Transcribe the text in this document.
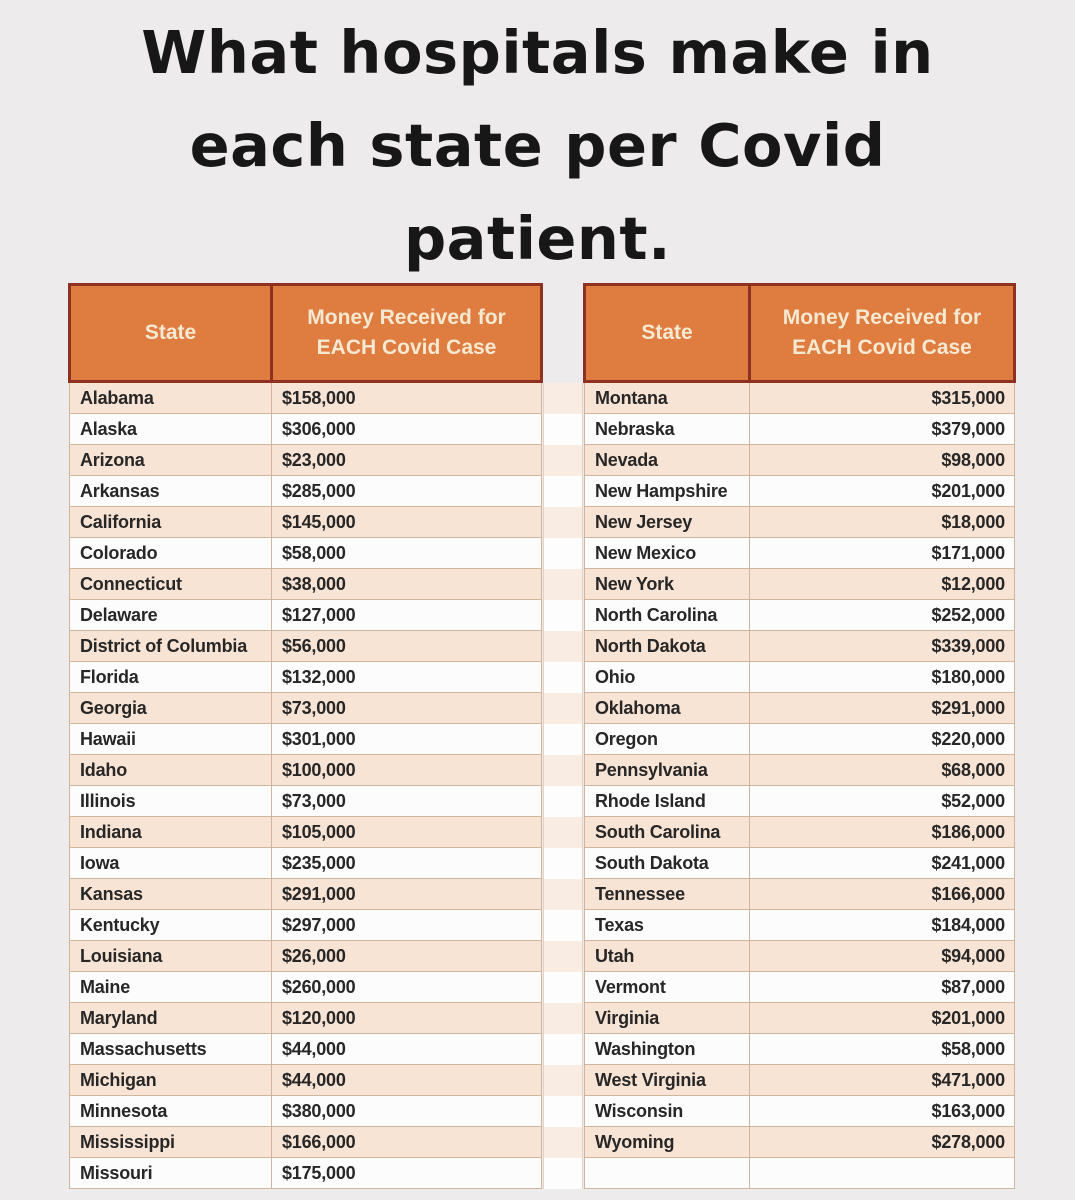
What hospitals make in
each state per Covid
patient.
State	Money Received for EACH Covid Case
Alabama	$158,000
Alaska	$306,000
Arizona	$23,000
Arkansas	$285,000
California	$145,000
Colorado	$58,000
Connecticut	$38,000
Delaware	$127,000
District of Columbia	$56,000
Florida	$132,000
Georgia	$73,000
Hawaii	$301,000
Idaho	$100,000
Illinois	$73,000
Indiana	$105,000
Iowa	$235,000
Kansas	$291,000
Kentucky	$297,000
Louisiana	$26,000
Maine	$260,000
Maryland	$120,000
Massachusetts	$44,000
Michigan	$44,000
Minnesota	$380,000
Mississippi	$166,000
Missouri	$175,000
State	Money Received for EACH Covid Case
Montana	$315,000
Nebraska	$379,000
Nevada	$98,000
New Hampshire	$201,000
New Jersey	$18,000
New Mexico	$171,000
New York	$12,000
North Carolina	$252,000
North Dakota	$339,000
Ohio	$180,000
Oklahoma	$291,000
Oregon	$220,000
Pennsylvania	$68,000
Rhode Island	$52,000
South Carolina	$186,000
South Dakota	$241,000
Tennessee	$166,000
Texas	$184,000
Utah	$94,000
Vermont	$87,000
Virginia	$201,000
Washington	$58,000
West Virginia	$471,000
Wisconsin	$163,000
Wyoming	$278,000
